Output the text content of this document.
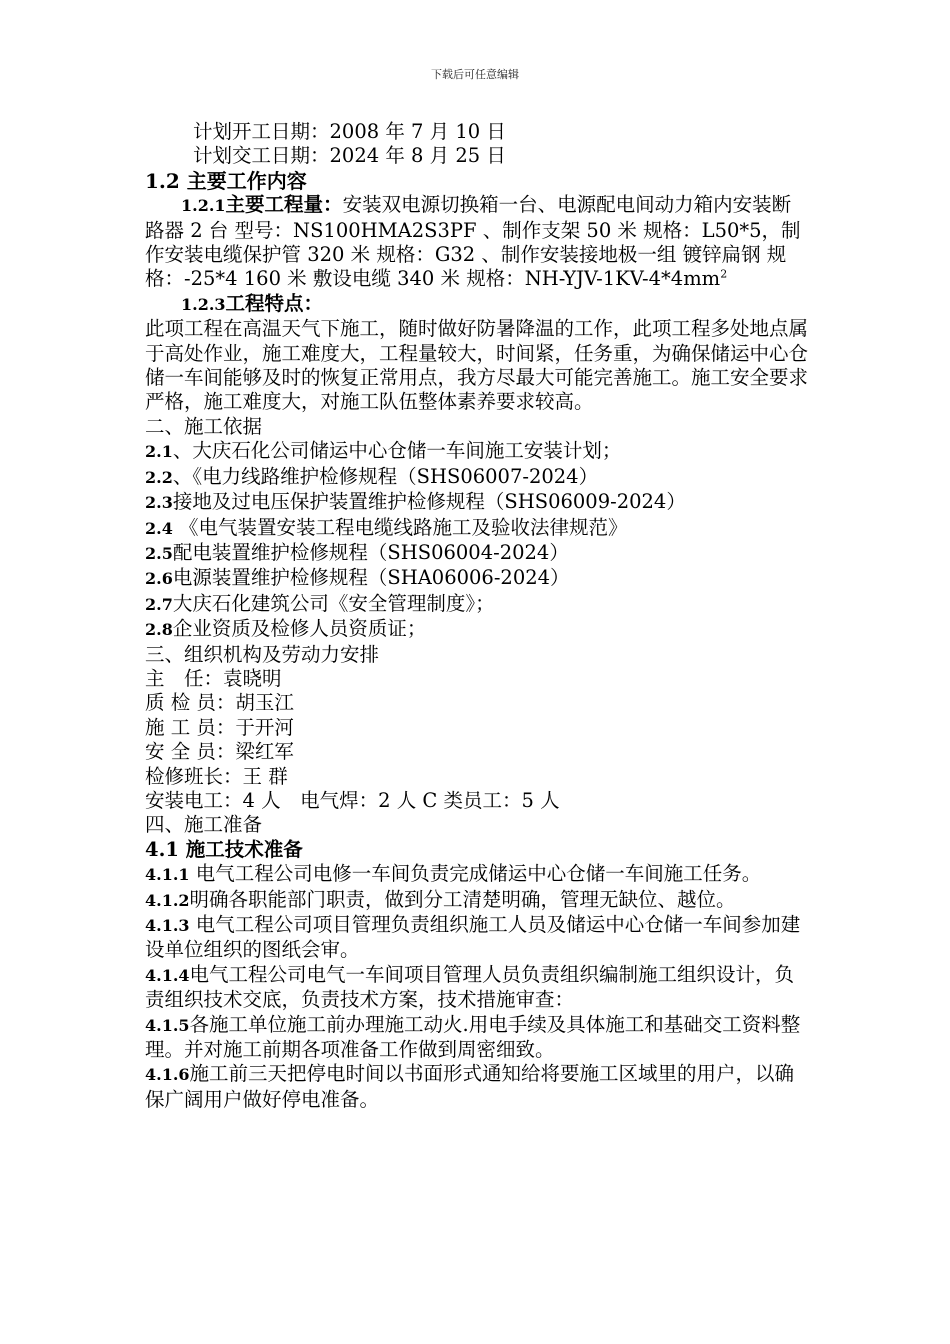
下载后可任意编辑

计划开工日期：2008 年 7 月 10 日

计划交工日期：2024 年 8 月 25 日

1.2 主要工作内容

1.2.1主要工程量：安装双电源切换箱一台、电源配电间动力箱内安装断路器 2 台 型号：NS100HMA2S3PF 、制作支架 50 米 规格：L50*5，制作安装电缆保护管 320 米 规格：G32 、制作安装接地极一组 镀锌扁钢 规格：-25*4 160 米 敷设电缆 340 米 规格：$NH-YJV-1KV-4*4mm^2$

1.2.3工程特点：

此项工程在高温天气下施工，随时做好防暑降温的工作，此项工程多处地点属于高处作业，施工难度大，工程量较大，时间紧，任务重，为确保储运中心仓储一车间能够及时的恢复正常用点，我方尽最大可能完善施工。施工安全要求严格，施工难度大，对施工队伍整体素养要求较高。

二、施工依据

2.1、大庆石化公司储运中心仓储一车间施工安装计划；

2.2、《电力线路维护检修规程（SHS06007-2024）

2.3接地及过电压保护装置维护检修规程（SHS06009-2024）

2.4 《电气装置安装工程电缆线路施工及验收法律规范》

2.5配电装置维护检修规程（SHS06004-2024）

2.6电源装置维护检修规程（SHA06006-2024）

2.7大庆石化建筑公司《安全管理制度》；

2.8企业资质及检修人员资质证；

三、组织机构及劳动力安排

主　任：袁晓明

质 检 员：胡玉江

施 工 员：于开河

安 全 员：梁红军

检修班长：王 群

安装电工：4 人　电气焊：2 人 C 类员工：5 人

四、施工准备

4.1 施工技术准备

4.1.1 电气工程公司电修一车间负责完成储运中心仓储一车间施工任务。

4.1.2明确各职能部门职责，做到分工清楚明确，管理无缺位、越位。

4.1.3 电气工程公司项目管理负责组织施工人员及储运中心仓储一车间参加建设单位组织的图纸会审。

4.1.4电气工程公司电气一车间项目管理人员负责组织编制施工组织设计，负责组织技术交底，负责技术方案，技术措施审查：

4.1.5各施工单位施工前办理施工动火.用电手续及具体施工和基础交工资料整理。并对施工前期各项准备工作做到周密细致。

4.1.6施工前三天把停电时间以书面形式通知给将要施工区域里的用户，以确保广阔用户做好停电准备。
